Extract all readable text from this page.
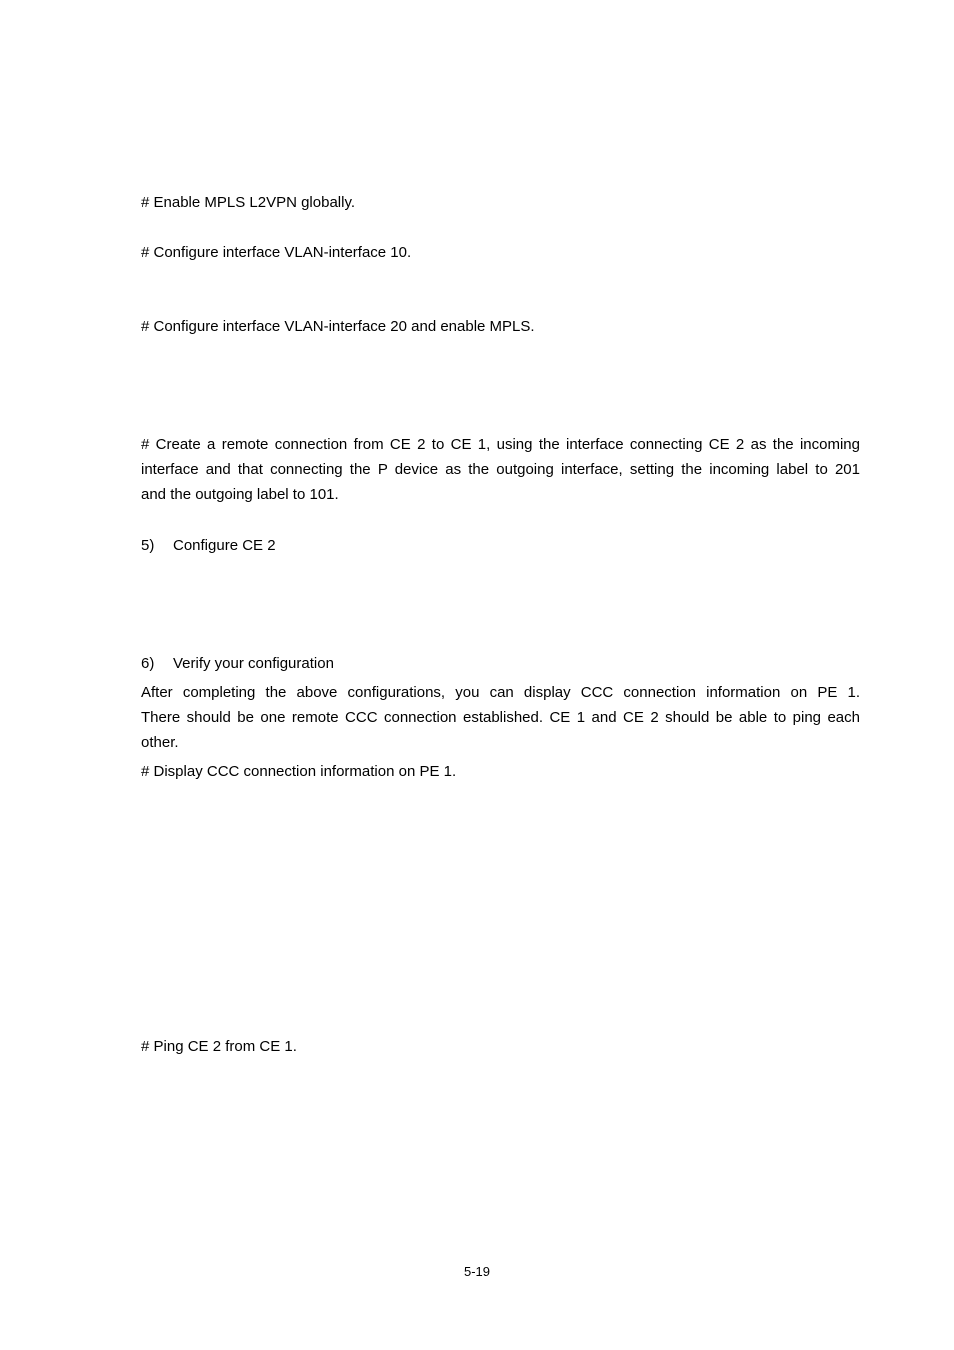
# Enable MPLS L2VPN globally.
# Configure interface VLAN-interface 10.
# Configure interface VLAN-interface 20 and enable MPLS.
# Create a remote connection from CE 2 to CE 1, using the interface connecting CE 2 as the incoming
interface and that connecting the P device as the outgoing interface, setting the incoming label to 201
and the outgoing label to 101.
5) Configure CE 2
6) Verify your configuration
After completing the above configurations, you can display CCC connection information on PE 1.
There should be one remote CCC connection established. CE 1 and CE 2 should be able to ping each
other.
# Display CCC connection information on PE 1.
# Ping CE 2 from CE 1.
5-19
